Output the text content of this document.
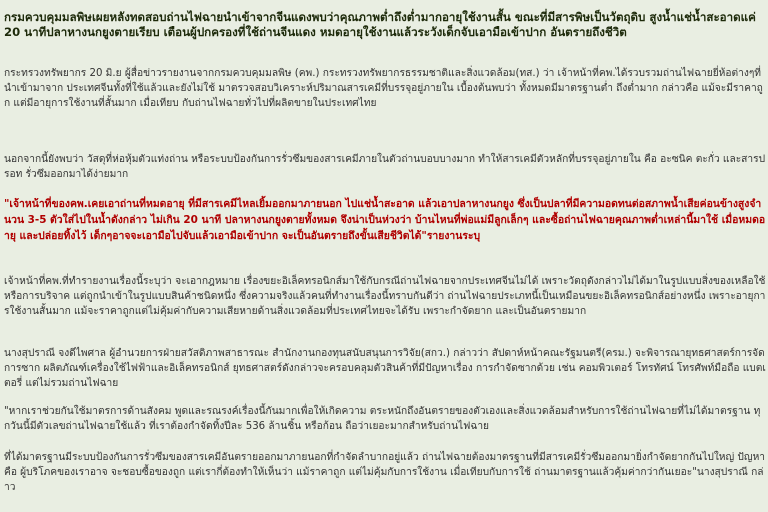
กรมควบคุมมลพิษเผยหลังทดสอบถ่านไฟฉายนำเข้าจากจีนแดงพบว่าคุณภาพต่ำถึงต่ำมากอายุใช้งานสั้น ขณะที่มีสารพิษเป็นวัตถุดิบ สูงน้ำแช่น้ำสะอาดแค่ 20 นาทีปลาหางนกยูงตายเรียบ เตือนผู้ปกครองที่ใช้ถ่านจีนแดง หมดอายุใช้งานแล้วระวังเด็กจับเอามือเข้าปาก อันตรายถึงชีวิต

กระทรวงทรัพยากร 20 มิ.ย ผู้สื่อข่าวรายงานจากกรมควบคุมมลพิษ (คพ.) กระทรวงทรัพยากรธรรมชาติและสิ่งแวดล้อม(ทส.) ว่า เจ้าหน้าที่คพ.ได้รวบรวมถ่านไฟฉายยี่ห้อต่างๆที่นำเข้ามาจาก ประเทศจีนทั้งที่ใช้แล้วและยังไม่ใช้ มาตรวจสอบวิเคราะห์ปริมาณสารเคมีที่บรรจุอยู่ภายใน เบื้องต้นพบว่า ทั้งหมดมีมาตรฐานต่ำ ถึงต่ำมาก กล่าวคือ แม้จะมีราคาถูก แต่มีอายุการใช้งานที่สั้นมาก เมื่อเทียบ กับถ่านไฟฉายทั่วไปที่ผลิตขายในประเทศไทย

นอกจากนี้ยังพบว่า วัสดุที่ห่อหุ้มตัวแท่งถ่าน หรือระบบป้องกันการรั่วซึมของสารเคมีภายในตัวถ่านบอบบางมาก ทำให้สารเคมีตัวหลักที่บรรจุอยู่ภายใน คือ อะซนิค ตะกั่ว และสารปรอท รั่วซึมออกมาได้ง่ายมาก

"เจ้าหน้าที่ของคพ.เคยเอาถ่านที่หมดอายุ ที่มีสารเคมีไหลเยิ้มออกมาภายนอก ไปแช่น้ำสะอาด แล้วเอาปลาหางนกยูง ซึ่งเป็นปลาที่มีความอดทนต่อสภาพน้ำเสียค่อนข้างสูงจำนวน 3-5 ตัวใส่ไปในน้ำดังกล่าว ไม่เกิน 20 นาที ปลาหางนกยูงตายทั้งหมด จึงน่าเป็นห่วงว่า บ้านไหนที่พ่อแม่มีลูกเล็กๆ และซื้อถ่านไฟฉายคุณภาพต่ำเหล่านี้มาใช้ เมื่อหมดอายุ และปล่อยทิ้งไว้ เด็กๆอาจจะเอามือไปจับแล้วเอามือเข้าปาก จะเป็นอันตรายถึงขั้นเสียชีวิตได้"รายงานระบุ

เจ้าหน้าที่คพ.ที่ทำรายงานเรื่องนี้ระบุว่า จะเอากฎหมาย เรื่องขยะอิเล็คทรอนิกส์มาใช้กับกรณีถ่านไฟฉายจากประเทศจีนไม่ได้ เพราะวัตถุดังกล่าวไม่ได้มาในรูปแบบสิ่งของเหลือใช้หรือการบริจาค แต่ถูกนำเข้าในรูปแบบสินค้าชนิดหนึ่ง ซึ่งความจริงแล้วคนที่ทำงานเรื่องนี้ทราบกันดีว่า ถ่านไฟฉายประเภทนี้เป็นเหมือนขยะอิเล็คทรอนิกส์อย่างหนึ่ง เพราะอายุการใช้งานสั้นมาก แม้จะราคาถูกแต่ไม่คุ้มค่ากับความเสียหายด้านสิ่งแวดล้อมที่ประเทศไทยจะได้รับ เพราะกำจัดยาก และเป็นอันตรายมาก

นางสุปราณี จงดีไพศาล ผู้อำนวยการฝ่ายสวัสดิภาพสาธารณะ สำนักงานกองทุนสนับสนุนการวิจัย(สกว.) กล่าวว่า สัปดาห์หน้าคณะรัฐมนตรี(ครม.) จะพิจารณายุทธศาสตร์การจัดการซาก ผลิตภัณฑ์เครื่องใช้ไฟฟ้าและอิเล็คทรอนิกส์ ยุทธศาสตร์ดังกล่าวจะครอบคลุมตัวสินค้าที่มีปัญหาเรื่อง การกำจัดซากด้วย เช่น คอมพิวเตอร์ โทรทัศน์ โทรศัพท์มือถือ แบตเตอรี่ แต่ไม่รวมถ่านไฟฉาย

"หากเราช่วยกันใช้มาตรการด้านสังคม พูดและรณรงค์เรื่องนี้กันมากเพื่อให้เกิดความ ตระหนักถึงอันตรายของตัวเองและสิ่งแวดล้อมสำหรับการใช้ถ่านไฟฉายที่ไม่ได้มาตรฐาน ทุกวันนี้มีตัวเลขถ่านไฟฉายใช้แล้ว ที่เราต้องกำจัดทิ้งปีละ 536 ล้านชิ้น หรือก้อน ถือว่าเยอะมากสำหรับถ่านไฟฉาย

ที่ได้มาตรฐานมีระบบป้องกันการรั่วซึมของสารเคมีอันตรายออกมาภายนอกที่กำจัดลำบากอยู่แล้ว ถ่านไฟฉายต้องมาตรฐานที่มีสารเคมีรั่วซึมออกมายิ่งกำจัดยากกันไปใหญ่ ปัญหาคือ ผู้บริโภคของเราอาจ จะชอบซื้อของถูก แต่เรากี่ต้องทำให้เห็นว่า แม้ราคาถูก แต่ไม่คุ้มกับการใช้งาน เมื่อเทียบกับการใช้ ถ่านมาตรฐานแล้วคุ้มค่ากว่ากันเยอะ"นางสุปราณี กล่าว
